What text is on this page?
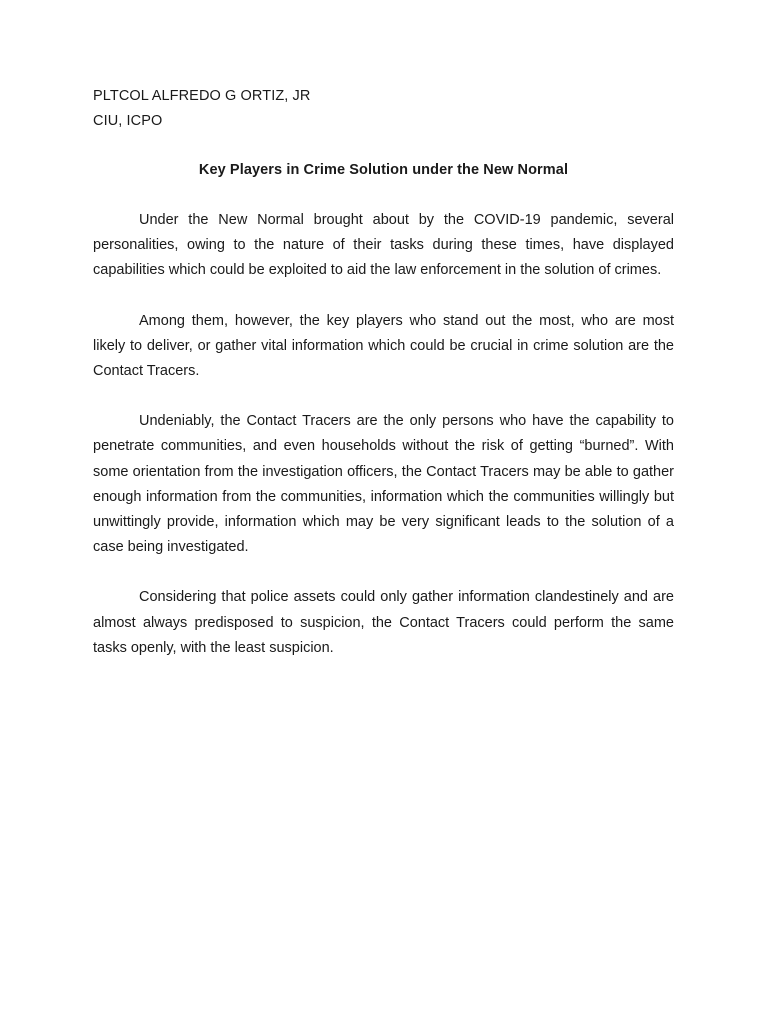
PLTCOL ALFREDO G ORTIZ, JR

CIU, ICPO

Key Players in Crime Solution under the New Normal

Under the New Normal brought about by the COVID-19 pandemic, several personalities, owing to the nature of their tasks during these times, have displayed capabilities which could be exploited to aid the law enforcement in the solution of crimes.

Among them, however, the key players who stand out the most, who are most likely to deliver, or gather vital information which could be crucial in crime solution are the Contact Tracers.

Undeniably, the Contact Tracers are the only persons who have the capability to penetrate communities, and even households without the risk of getting “burned”. With some orientation from the investigation officers, the Contact Tracers may be able to gather enough information from the communities, information which the communities willingly but unwittingly provide, information which may be very significant leads to the solution of a case being investigated.

Considering that police assets could only gather information clandestinely and are almost always predisposed to suspicion, the Contact Tracers could perform the same tasks openly, with the least suspicion.
